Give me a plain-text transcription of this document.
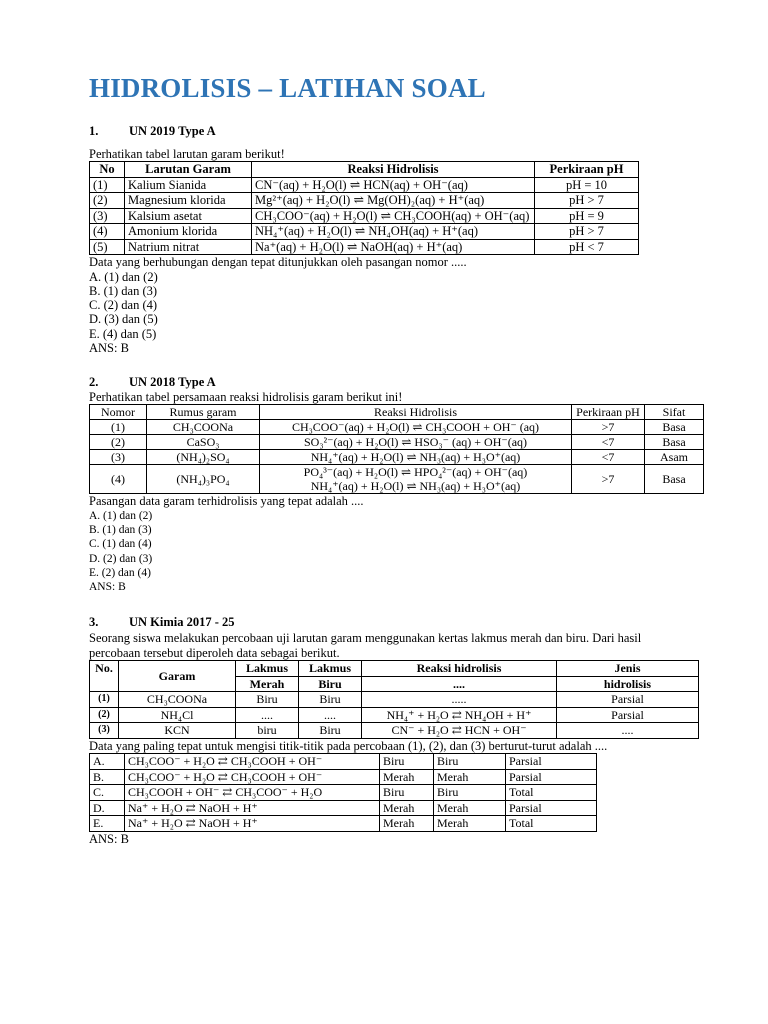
HIDROLISIS – LATIHAN SOAL
1.	UN 2019 Type A

Perhatikan tabel larutan garam berikut!

No	Larutan Garam	Reaksi Hidrolisis	Perkiraan pH
(1)	Kalium Sianida	CN⁻(aq) + H₂O(l) ⇌ HCN(aq) + OH⁻(aq)	pH = 10
(2)	Magnesium klorida	Mg²⁺(aq) + H₂O(l) ⇌ Mg(OH)₂(aq) + H⁺(aq)	pH > 7
(3)	Kalsium asetat	CH₃COO⁻(aq) + H₂O(l) ⇌ CH₃COOH(aq) + OH⁻(aq)	pH = 9
(4)	Amonium klorida	NH₄⁺(aq) + H₂O(l) ⇌ NH₄OH(aq) + H⁺(aq)	pH > 7
(5)	Natrium nitrat	Na⁺(aq) + H₂O(l) ⇌ NaOH(aq) + H⁺(aq)	pH < 7

Data yang berhubungan dengan tepat ditunjukkan oleh pasangan nomor .....

A. (1) dan (2)
B. (1) dan (3)
C. (2) dan (4)
D. (3) dan (5)
E. (4) dan (5)
ANS: B
2.	UN 2018 Type A

Perhatikan tabel persamaan reaksi hidrolisis garam berikut ini!

Nomor	Rumus garam	Reaksi Hidrolisis	Perkiraan pH	Sifat
(1)	CH₃COONa	CH₃COO⁻(aq) + H₂O(l) ⇌ CH₃COOH + OH⁻ (aq)	>7	Basa
(2)	CaSO₃	SO₃²⁻(aq) + H₂O(l) ⇌ HSO₃⁻ (aq) + OH⁻(aq)	<7	Basa
(3)	(NH₄)₂SO₄	NH₄⁺(aq) + H₂O(l) ⇌ NH₃(aq) + H₃O⁺(aq)	<7	Asam
(4)	(NH₄)₃PO₄	PO₄³⁻(aq) + H₂O(l) ⇌ HPO₄²⁻(aq) + OH⁻(aq)
NH₄⁺(aq) + H₂O(l) ⇌ NH₃(aq) + H₃O⁺(aq)	>7	Basa

Pasangan data garam terhidrolisis yang tepat adalah ....

A. (1) dan (2)
B. (1) dan (3)
C. (1) dan (4)
D. (2) dan (3)
E. (2) dan (4)
ANS: B
3.	UN Kimia 2017 - 25

Seorang siswa melakukan percobaan uji larutan garam menggunakan kertas lakmus merah dan biru. Dari hasil percobaan tersebut diperoleh data sebagai berikut.

No.	Garam	Lakmus	Lakmus	Reaksi hidrolisis	Jenis
		Merah	Biru	....	hidrolisis
(1)	CH₃COONa	Biru	Biru	.....	Parsial
(2)	NH₄Cl	....	....	NH₄⁺ + H₂O ⇄ NH₄OH + H⁺	Parsial
(3)	KCN	biru	Biru	CN⁻ + H₂O ⇄ HCN + OH⁻	....

Data yang paling tepat untuk mengisi titik-titik pada percobaan (1), (2), dan (3) berturut-turut adalah ....

A.	CH₃COO⁻ + H₂O ⇄ CH₃COOH + OH⁻	Biru	Biru	Parsial
B.	CH₃COO⁻ + H₂O ⇄ CH₃COOH + OH⁻	Merah	Merah	Parsial
C.	CH₃COOH + OH⁻ ⇄ CH₃COO⁻ + H₂O	Biru	Biru	Total
D.	Na⁺ + H₂O ⇄ NaOH + H⁺	Merah	Merah	Parsial
E.	Na⁺ + H₂O ⇄ NaOH + H⁺	Merah	Merah	Total
ANS: B
